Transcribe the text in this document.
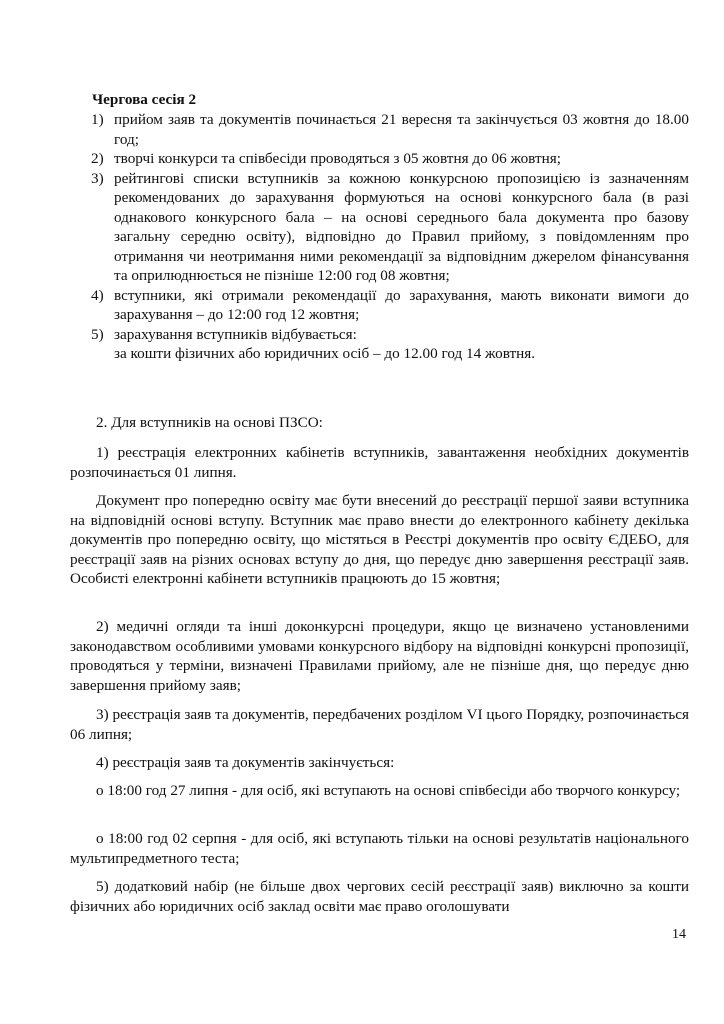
Чергова сесія 2
1) прийом заяв та документів починається 21 вересня та закінчується 03 жовтня до 18.00 год;
2) творчі конкурси та співбесіди проводяться з 05 жовтня до 06 жовтня;
3) рейтингові списки вступників за кожною конкурсною пропозицією із зазначенням рекомендованих до зарахування формуються на основі конкурсного бала (в разі однакового конкурсного бала – на основі середнього бала документа про базову загальну середню освіту), відповідно до Правил прийому, з повідомленням про отримання чи неотримання ними рекомендації за відповідним джерелом фінансування та оприлюднюється не пізніше 12:00 год 08 жовтня;
4) вступники, які отримали рекомендації до зарахування, мають виконати вимоги до зарахування – до 12:00 год 12 жовтня;
5) зарахування вступників відбувається:
за кошти фізичних або юридичних осіб – до 12.00 год 14 жовтня.
2. Для вступників на основі ПЗСО:

1) реєстрація електронних кабінетів вступників, завантаження необхідних документів розпочинається 01 липня.

Документ про попередню освіту має бути внесений до реєстрації першої заяви вступника на відповідній основі вступу. Вступник має право внести до електронного кабінету декілька документів про попередню освіту, що містяться в Реєстрі документів про освіту ЄДЕБО, для реєстрації заяв на різних основах вступу до дня, що передує дню завершення реєстрації заяв. Особисті електронні кабінети вступників працюють до 15 жовтня;

2) медичні огляди та інші доконкурсні процедури, якщо це визначено установленими законодавством особливими умовами конкурсного відбору на відповідні конкурсні пропозиції, проводяться у терміни, визначені Правилами прийому, але не пізніше дня, що передує дню завершення прийому заяв;

3) реєстрація заяв та документів, передбачених розділом VI цього Порядку, розпочинається 06 липня;

4) реєстрація заяв та документів закінчується:

о 18:00 год 27 липня - для осіб, які вступають на основі співбесіди або творчого конкурсу;

о 18:00 год 02 серпня - для осіб, які вступають тільки на основі результатів національного мультипредметного теста;

5) додатковий набір (не більше двох чергових сесій реєстрації заяв) виключно за кошти фізичних або юридичних осіб заклад освіти має право оголошувати

14
